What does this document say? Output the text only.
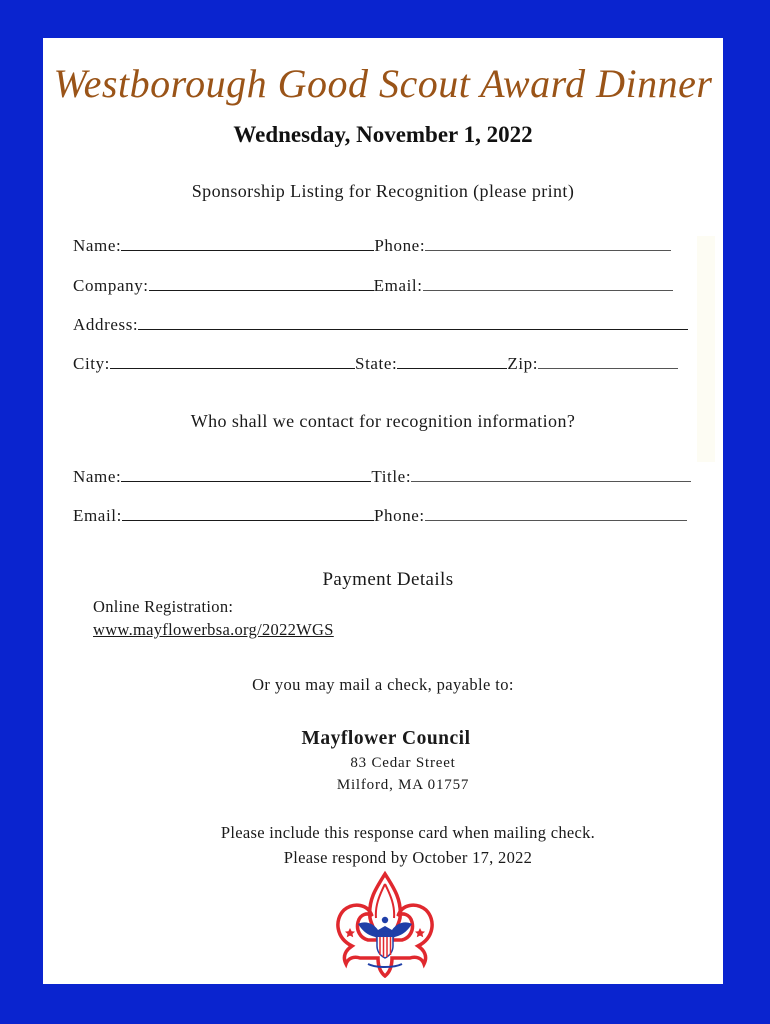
Westborough Good Scout Award Dinner
Wednesday, November 1, 2022
Sponsorship Listing for Recognition (please print)
Name:	Phone:
Company:	Email:
Address:
City:	State:	Zip:
Who shall we contact for recognition information?
Name:	Title:
Email:	Phone:
Payment Details
Online Registration:
www.mayflowerbsa.org/2022WGS
Or you may mail a check, payable to:
Mayflower Council
83 Cedar Street
Milford, MA 01757
Please include this response card when mailing check.
Please respond by October 17, 2022
